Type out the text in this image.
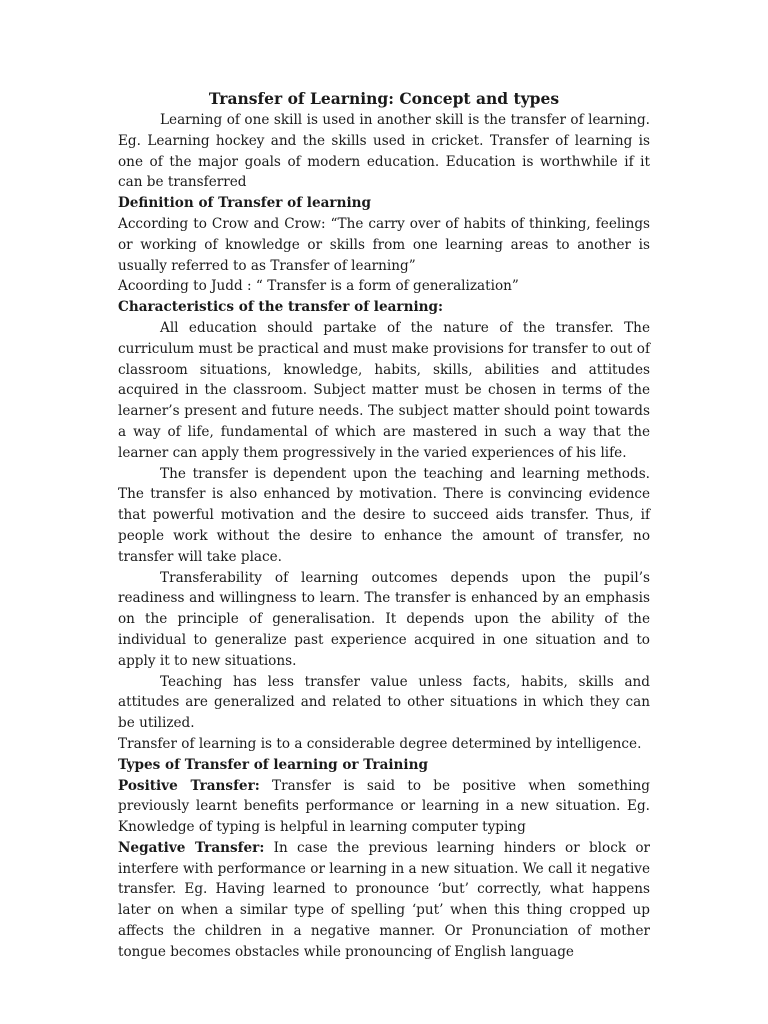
Transfer of Learning: Concept and types

Learning of one skill is used in another skill is the transfer of learning. Eg. Learning hockey and the skills used in cricket. Transfer of learning is one of the major goals of modern education. Education is worthwhile if it can be transferred

Definition of Transfer of learning

According to Crow and Crow: “The carry over of habits of thinking, feelings or working of knowledge or skills from one learning areas to another is usually referred to as Transfer of learning”

Acoording to Judd : “ Transfer is a form of generalization”

Characteristics of the transfer of learning:

All education should partake of the nature of the transfer. The curriculum must be practical and must make provisions for transfer to out of classroom situations, knowledge, habits, skills, abilities and attitudes acquired in the classroom. Subject matter must be chosen in terms of the learner’s present and future needs. The subject matter should point towards a way of life, fundamental of which are mastered in such a way that the learner can apply them progressively in the varied experiences of his life.

The transfer is dependent upon the teaching and learning methods. The transfer is also enhanced by motivation. There is convincing evidence that powerful motivation and the desire to succeed aids transfer. Thus, if people work without the desire to enhance the amount of transfer, no transfer will take place.

Transferability of learning outcomes depends upon the pupil’s readiness and willingness to learn. The transfer is enhanced by an emphasis on the principle of generalisation. It depends upon the ability of the individual to generalize past experience acquired in one situation and to apply it to new situations.

Teaching has less transfer value unless facts, habits, skills and attitudes are generalized and related to other situations in which they can be utilized.

Transfer of learning is to a considerable degree determined by intelligence.

Types of Transfer of learning or Training

Positive Transfer: Transfer is said to be positive when something previously learnt benefits performance or learning in a new situation. Eg. Knowledge of typing is helpful in learning computer typing

Negative Transfer: In case the previous learning hinders or block or interfere with performance or learning in a new situation. We call it negative transfer. Eg. Having learned to pronounce ‘but’ correctly, what happens later on when a similar type of spelling ‘put’ when this thing cropped up affects the children in a negative manner. Or Pronunciation of mother tongue becomes obstacles while pronouncing of English language
